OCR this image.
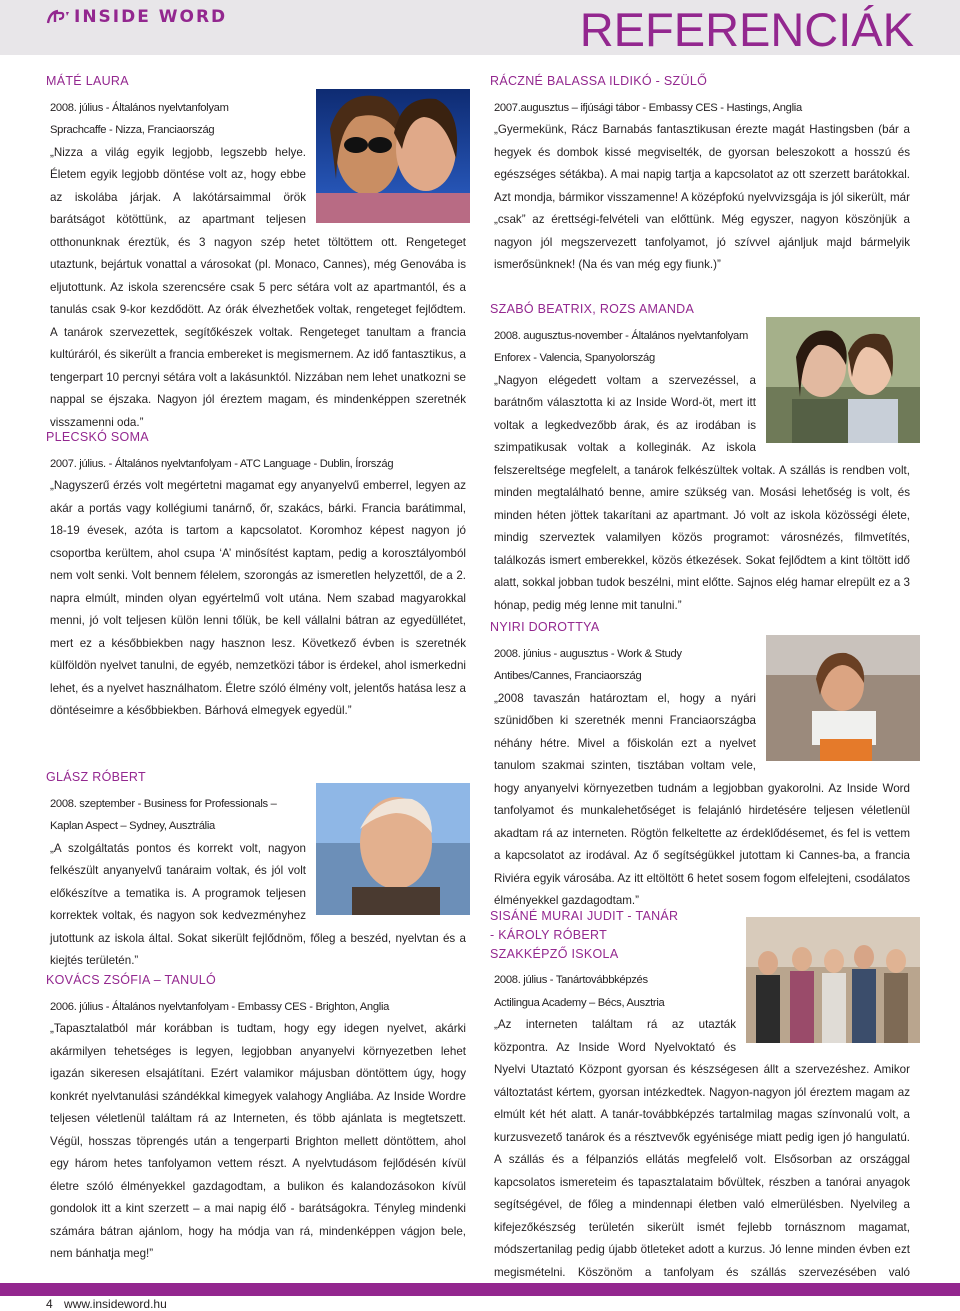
INSIDE WORD	REFERENCIÁK
MÁTÉ LAURA
2008. július - Általános nyelvtanfolyam
Sprachcaffe - Nizza, Franciaország

„Nizza a világ egyik legjobb, legszebb helye. Életem egyik legjobb döntése volt az, hogy ebbe az iskolába járjak. A lakótársaimmal örök barátságot kötöttünk, az apartmant teljesen otthonunknak éreztük, és 3 nagyon szép hetet töltöttem ott. Rengeteget utaztunk, bejártuk vonattal a városokat (pl. Monaco, Cannes), még Genovába is eljutottunk. Az iskola szerencsére csak 5 perc sétára volt az apartmantól, és a tanulás csak 9-kor kezdődött. Az órák élvezhetőek voltak, rengeteget fejlődtem. A tanárok szervezettek, segítőkészek voltak. Rengeteget tanultam a francia kultúráról, és sikerült a francia embereket is megismernem. Az idő fantasztikus, a tengerpart 10 percnyi sétára volt a lakásunktól. Nizzában nem lehet unatkozni se nappal se éjszaka. Nagyon jól éreztem magam, és mindenképpen szeretnék visszamenni oda.”

PLECSKÓ SOMA
2007. július. - Általános nyelvtanfolyam - ATC Language - Dublin, Írország

„Nagyszerű érzés volt megértetni magamat egy anyanyelvű emberrel, legyen az akár a portás vagy kollégiumi tanárnő, őr, szakács, bárki. Francia barátimmal, 18-19 évesek, azóta is tartom a kapcsolatot. Koromhoz képest nagyon jó csoportba kerültem, ahol csupa ‘A’ minősítést kaptam, pedig a korosztályomból nem volt senki. Volt bennem félelem, szorongás az ismeretlen helyzettől, de a 2. napra elmúlt, minden olyan egyértelmű volt utána. Nem szabad magyarokkal menni, jó volt teljesen külön lenni tőlük, be kell vállalni bátran az egyedüllétet, mert ez a későbbiekben nagy hasznon lesz. Következő évben is szeretnék külföldön nyelvet tanulni, de egyéb, nemzetközi tábor is érdekel, ahol ismerkedni lehet, és a nyelvet használhatom. Életre szóló élmény volt, jelentős hatása lesz a döntéseimre a későbbiekben. Bárhová elmegyek egyedül.”

GLÁSZ RÓBERT
2008. szeptember - Business for Professionals –
Kaplan Aspect – Sydney, Ausztrália

„A szolgáltatás pontos és korrekt volt, nagyon felkészült anyanyelvű tanáraim voltak, és jól volt előkészítve a tematika is. A programok teljesen korrektek voltak, és nagyon sok kedvezményhez jutottunk az iskola által. Sokat sikerült fejlődnöm, főleg a beszéd, nyelvtan és a kiejtés területén.”

KOVÁCS ZSÓFIA – TANULÓ
2006. július - Általános nyelvtanfolyam - Embassy CES - Brighton, Anglia

„Tapasztalatból már korábban is tudtam, hogy egy idegen nyelvet, akárki akármilyen tehetséges is legyen, legjobban anyanyelvi környezetben lehet igazán sikeresen elsajátítani. Ezért valamikor májusban döntöttem úgy, hogy konkrét nyelvtanulási szándékkal kimegyek valahogy Angliába. Az Inside Wordre teljesen véletlenül találtam rá az Interneten, és több ajánlata is megtetszett. Végül, hosszas töprengés után a tengerparti Brighton mellett döntöttem, ahol egy három hetes tanfolyamon vettem részt. A nyelvtudásom fejlődésén kívül életre szóló élményekkel gazdagodtam, a bulikon és kalandozásokon kívül gondolok itt a kint szerzett – a mai napig élő - barátságokra. Tényleg mindenki számára bátran ajánlom, hogy ha módja van rá, mindenképpen vágjon bele, nem bánhatja meg!”

RÁCZNÉ BALASSA ILDIKÓ - SZÜLŐ
2007.augusztus – ifjúsági tábor - Embassy CES - Hastings, Anglia

„Gyermekünk, Rácz Barnabás fantasztikusan érezte magát Hastingsben (bár a hegyek és dombok kissé megviselték, de gyorsan beleszokott a hosszú és egészséges sétákba). A mai napig tartja a kapcsolatot az ott szerzett barátokkal. Azt mondja, bármikor visszamenne! A középfokú nyelvvizsgája is jól sikerült, már „csak” az érettségi-felvételi van előttünk. Még egyszer, nagyon köszönjük a nagyon jól megszervezett tanfolyamot, jó szívvel ajánljuk majd bármelyik ismerősünknek! (Na és van még egy fiunk.)”

SZABÓ BEATRIX, ROZS AMANDA
2008. augusztus-november - Általános nyelvtanfolyam
Enforex - Valencia, Spanyolország

„Nagyon elégedett voltam a szervezéssel, a barátnőm választotta ki az Inside Word-öt, mert itt voltak a legkedvezőbb árak, és az irodában is szimpatikusak voltak a kolleginák. Az iskola felszereltsége megfelelt, a tanárok felkészültek voltak. A szállás is rendben volt, minden megtalálható benne, amire szükség van. Mosási lehetőség is volt, és minden héten jöttek takarítani az apartmant. Jó volt az iskola közösségi élete, mindig szerveztek valamilyen közös programot: városnézés, filmvetítés, találkozás ismert emberekkel, közös étkezések. Sokat fejlődtem a kint töltött idő alatt, sokkal jobban tudok beszélni, mint előtte. Sajnos elég hamar elrepült ez a 3 hónap, pedig még lenne mit tanulni.”

NYIRI DOROTTYA
2008. június - augusztus - Work & Study
Antibes/Cannes, Franciaország

„2008 tavaszán határoztam el, hogy a nyári szünidőben ki szeretnék menni Franciaországba néhány hétre. Mivel a főiskolán ezt a nyelvet tanulom szakmai szinten, tisztában voltam vele, hogy anyanyelvi környezetben tudnám a legjobban gyakorolni. Az Inside Word tanfolyamot és munkalehetőséget is felajánló hirdetésére teljesen véletlenül akadtam rá az interneten. Rögtön felkeltette az érdeklődésemet, és fel is vettem a kapcsolatot az irodával. Az ő segítségükkel jutottam ki Cannes-ba, a francia Riviéra egyik városába. Az itt eltöltött 6 hetet sosem fogom elfelejteni, csodálatos élményekkel gazdagodtam.”

SISÁNÉ MURAI JUDIT - TANÁR - KÁROLY RÓBERT SZAKKÉPZŐ ISKOLA
2008. július - Tanártovábbképzés
Actilingua Academy – Bécs, Ausztria

„Az interneten találtam rá az utazták központra. Az Inside Word Nyelvoktató és Nyelvi Utaztató Központ gyorsan és készségesen állt a szervezéshez. Amikor változtatást kértem, gyorsan intézkedtek. Nagyon-nagyon jól éreztem magam az elmúlt két hét alatt. A tanár-továbbképzés tartalmilag magas színvonalú volt, a kurzusvezető tanárok és a résztvevők egyénisége miatt pedig igen jó hangulatú. A szállás és a félpanziós ellátás megfelelő volt. Elsősorban az országgal kapcsolatos ismereteim és tapasztalataim bővültek, részben a tanórai anyagok segítségével, de főleg a mindennapi életben való elmerülésben. Nyelvileg a kifejezőkészség területén sikerült ismét fejlebb tornásznom magamat, módszertanilag pedig újabb ötleteket adott a kurzus. Jó lenne minden évben ezt megismételni. Köszönöm a tanfolyam és szállás szervezésében való

4 www.insideword.hu
